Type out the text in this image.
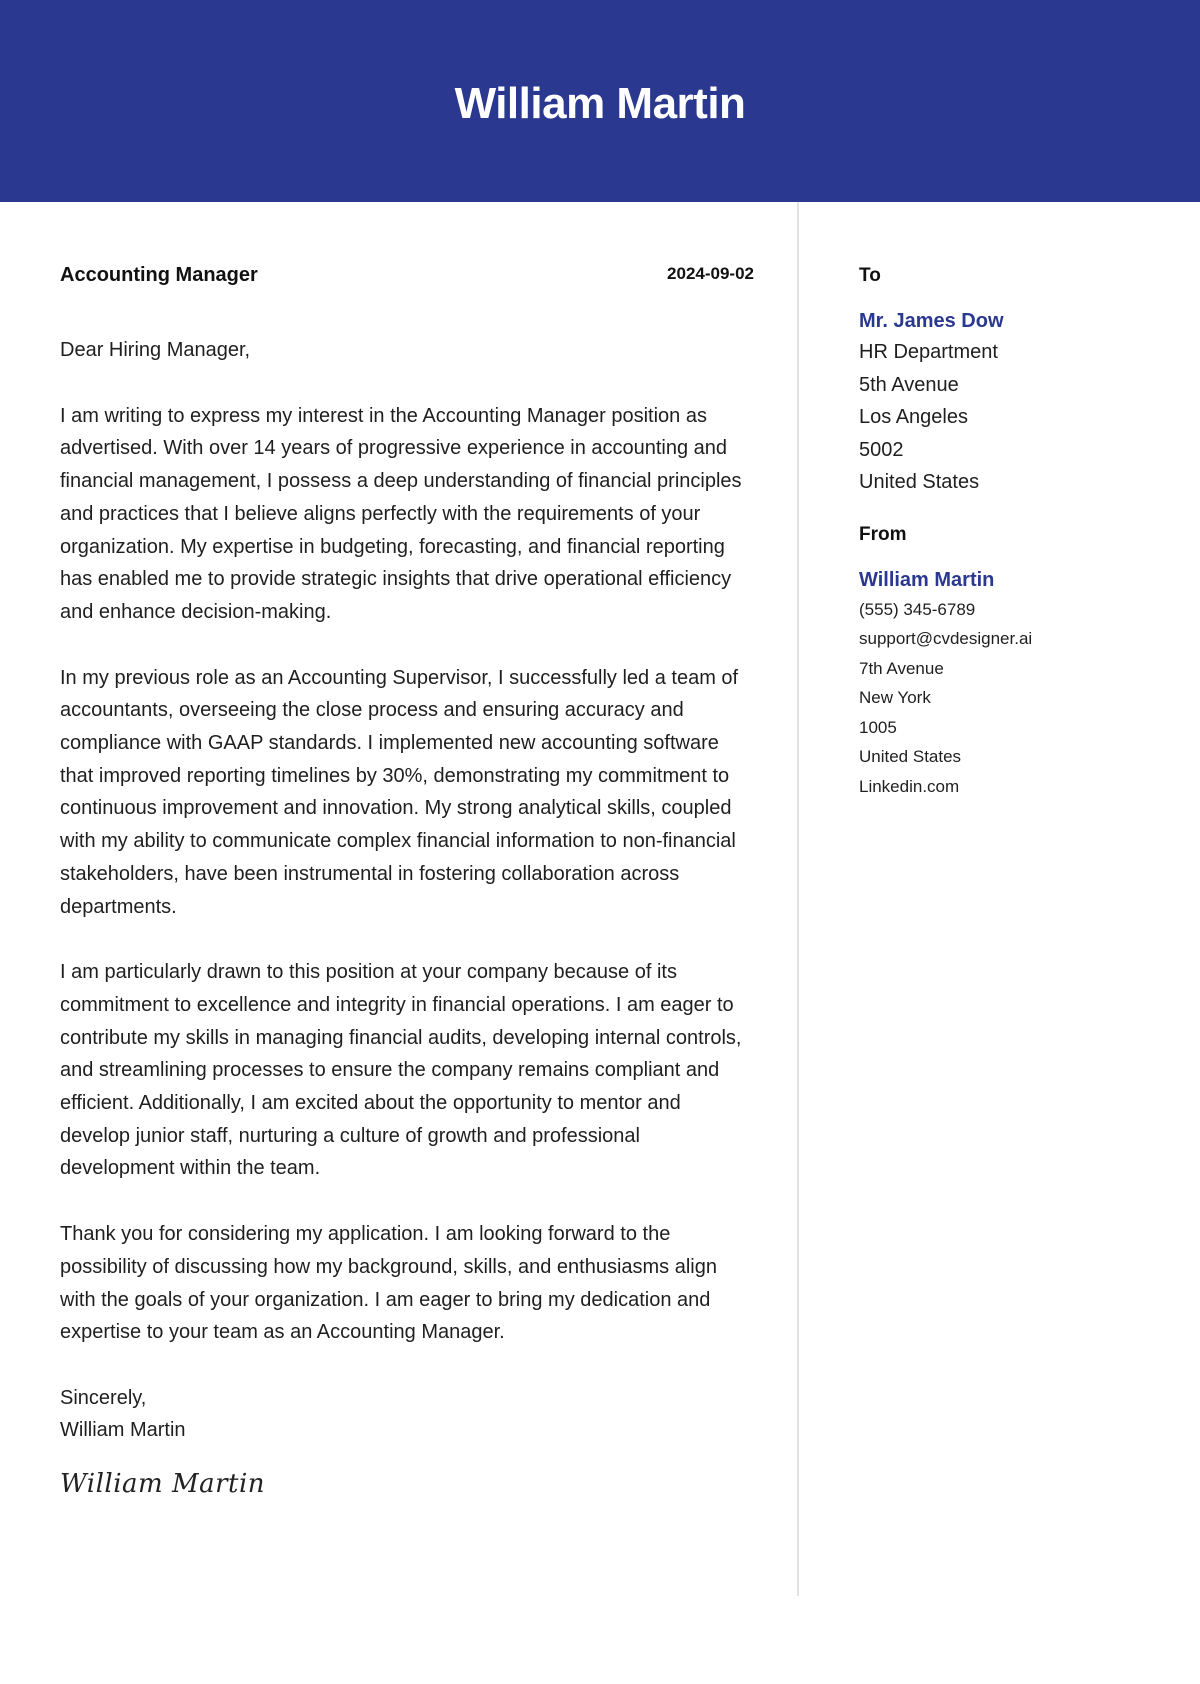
William Martin
Accounting Manager	2024-09-02

Dear Hiring Manager,

I am writing to express my interest in the Accounting Manager position as advertised. With over 14 years of progressive experience in accounting and financial management, I possess a deep understanding of financial principles and practices that I believe aligns perfectly with the requirements of your organization. My expertise in budgeting, forecasting, and financial reporting has enabled me to provide strategic insights that drive operational efficiency and enhance decision-making.

In my previous role as an Accounting Supervisor, I successfully led a team of accountants, overseeing the close process and ensuring accuracy and compliance with GAAP standards. I implemented new accounting software that improved reporting timelines by 30%, demonstrating my commitment to continuous improvement and innovation. My strong analytical skills, coupled with my ability to communicate complex financial information to non-financial stakeholders, have been instrumental in fostering collaboration across departments.

I am particularly drawn to this position at your company because of its commitment to excellence and integrity in financial operations. I am eager to contribute my skills in managing financial audits, developing internal controls, and streamlining processes to ensure the company remains compliant and efficient. Additionally, I am excited about the opportunity to mentor and develop junior staff, nurturing a culture of growth and professional development within the team.

Thank you for considering my application. I am looking forward to the possibility of discussing how my background, skills, and enthusiasms align with the goals of your organization. I am eager to bring my dedication and expertise to your team as an Accounting Manager.

Sincerely,
William Martin
William Martin
To
Mr. James Dow
HR Department
5th Avenue
Los Angeles
5002
United States
From
William Martin
(555) 345-6789
support@cvdesigner.ai
7th Avenue
New York
1005
United States
Linkedin.com
